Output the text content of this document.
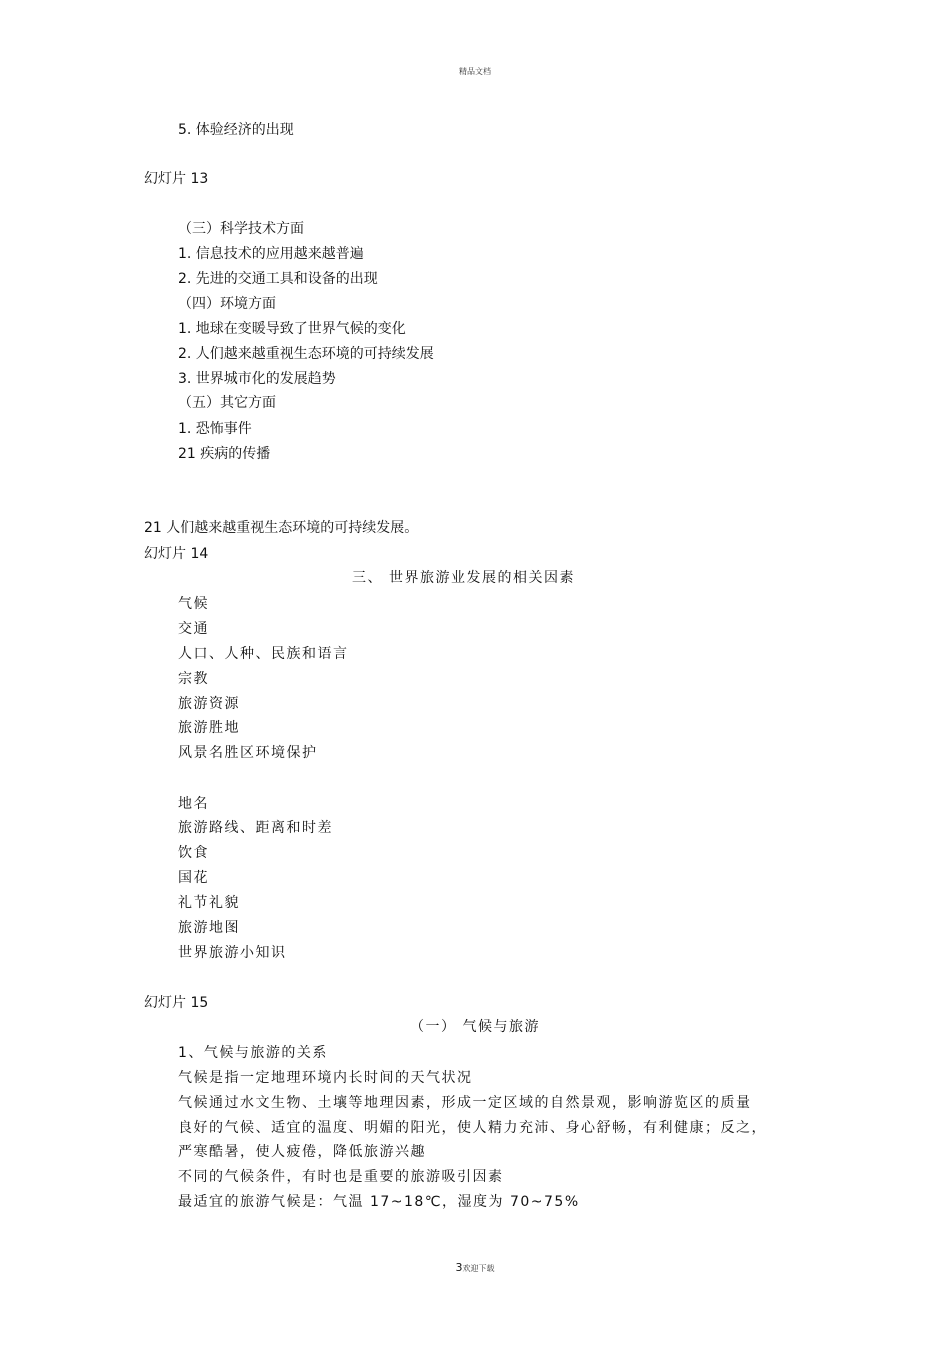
精品文档
5. 体验经济的出现
幻灯片 13
（三）科学技术方面
1. 信息技术的应用越来越普遍
2. 先进的交通工具和设备的出现
（四）环境方面
1. 地球在变暖导致了世界气候的变化
2. 人们越来越重视生态环境的可持续发展
3. 世界城市化的发展趋势
（五）其它方面
1. 恐怖事件
21 疾病的传播
21 人们越来越重视生态环境的可持续发展。
幻灯片 14
三、 世界旅游业发展的相关因素
气候
交通
人口、人种、民族和语言
宗教
旅游资源
旅游胜地
风景名胜区环境保护
地名
旅游路线、距离和时差
饮食
国花
礼节礼貌
旅游地图
世界旅游小知识
幻灯片 15
（一） 气候与旅游
1、气候与旅游的关系
气候是指一定地理环境内长时间的天气状况
气候通过水文生物、土壤等地理因素，形成一定区域的自然景观，影响游览区的质量
良好的气候、适宜的温度、明媚的阳光，使人精力充沛、身心舒畅，有利健康；反之，
严寒酷暑，使人疲倦，降低旅游兴趣
不同的气候条件，有时也是重要的旅游吸引因素
最适宜的旅游气候是：气温 17~18℃，湿度为 70~75%
3欢迎下载
